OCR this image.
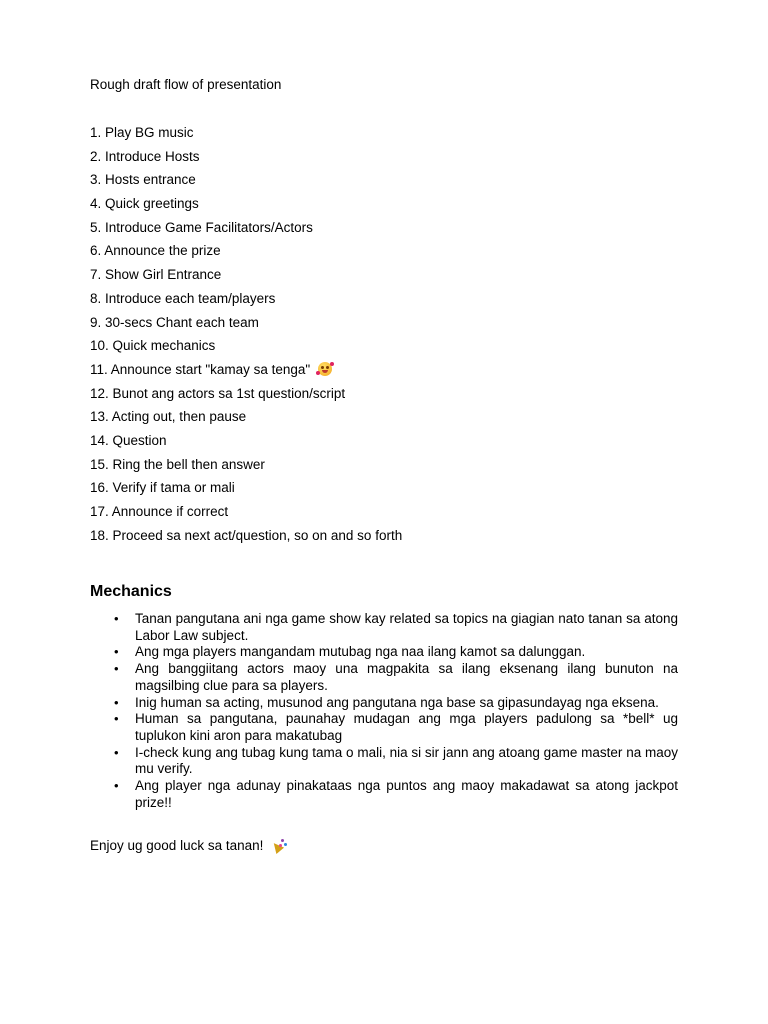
Rough draft flow of presentation
1. Play BG music
2. Introduce Hosts
3. Hosts entrance
4. Quick greetings
5. Introduce Game Facilitators/Actors
6. Announce the prize
7. Show Girl Entrance
8. Introduce each team/players
9. 30-secs Chant each team
10. Quick mechanics
11. Announce start "kamay sa tenga"
12. Bunot ang actors sa 1st question/script
13. Acting out, then pause
14. Question
15. Ring the bell then answer
16. Verify if tama or mali
17. Announce if correct
18. Proceed sa next act/question, so on and so forth
Mechanics
• Tanan pangutana ani nga game show kay related sa topics na giagian nato tanan sa atong Labor Law subject.
• Ang mga players mangandam mutubag nga naa ilang kamot sa dalunggan.
• Ang banggiitang actors maoy una magpakita sa ilang eksenang ilang bunuton na magsilbing clue para sa players.
• Inig human sa acting, musunod ang pangutana nga base sa gipasundayag nga eksena.
• Human sa pangutana, paunahay mudagan ang mga players padulong sa *bell* ug tuplukon kini aron para makatubag
• I-check kung ang tubag kung tama o mali, nia si sir jann ang atoang game master na maoy mu verify.
• Ang player nga adunay pinakataas nga puntos ang maoy makadawat sa atong jackpot prize!!
Enjoy ug good luck sa tanan!
